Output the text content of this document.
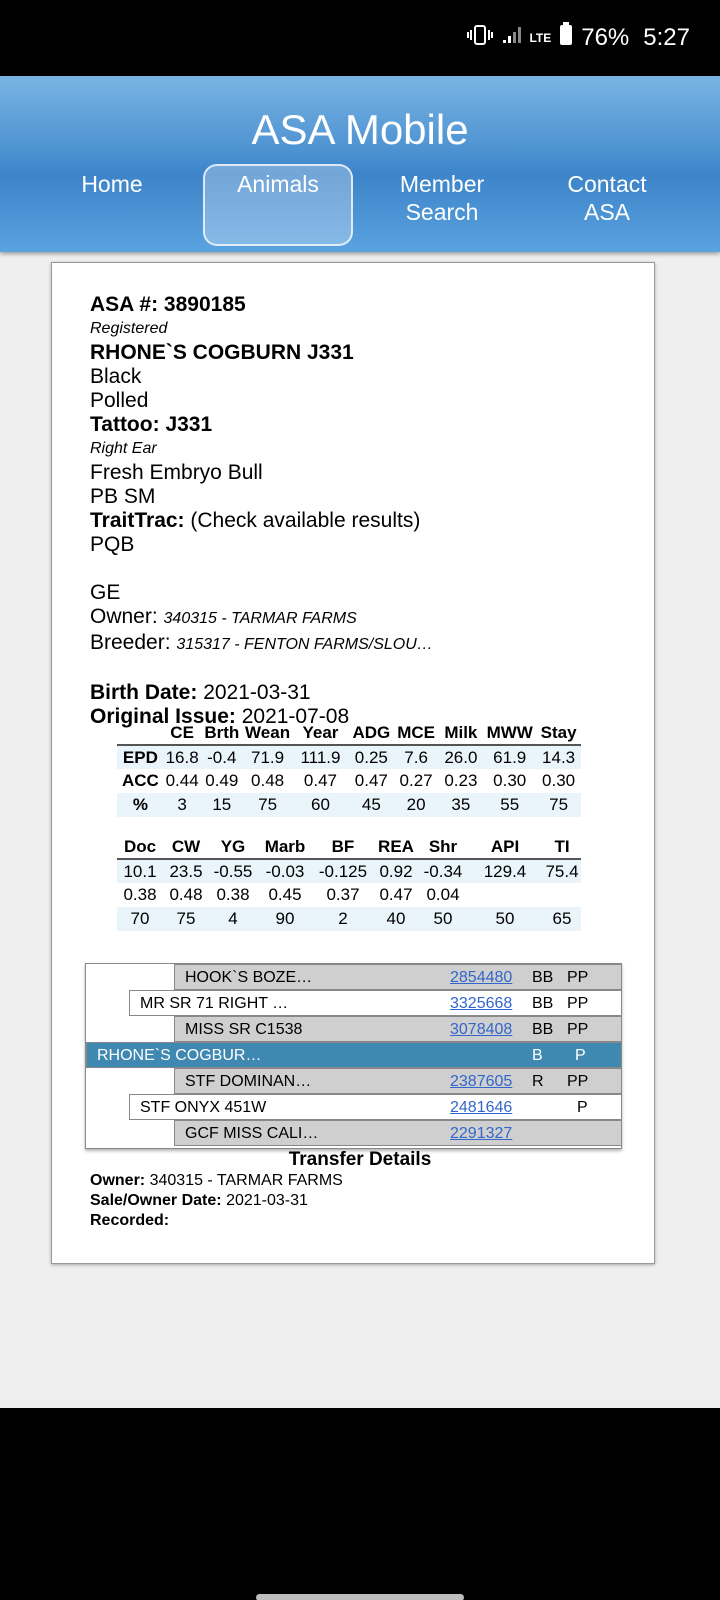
LTE 76% 5:27
ASA Mobile
Home	Animals	Member
Search
Contact
ASA
ASA #: 3890185
Registered
RHONE`S COGBURN J331
Black
Polled
Tattoo: J331
Right Ear
Fresh Embryo Bull
PB SM
TraitTrac: (Check available results)
PQB
GE
Owner: 340315 - TARMAR FARMS
Breeder: 315317 - FENTON FARMS/SLOU…
Birth Date: 2021-03-31
Original Issue: 2021-07-08
	CE	Brth	Wean	Year	ADG	MCE	Milk	MWW	Stay
EPD	16.8	-0.4	71.9	111.9	0.25	7.6	26.0	61.9	14.3
ACC	0.44	0.49	0.48	0.47	0.47	0.27	0.23	0.30	0.30
%	3	15	75	60	45	20	35	55	75
Doc	CW	YG	Marb	BF	REA	Shr	API	TI
10.1	23.5	-0.55	-0.03	-0.125	0.92	-0.34	129.4	75.4
0.38	0.48	0.38	0.45	0.37	0.47	0.04		
70	75	4	90	2	40	50	50	65
HOOK`S BOZE…	2854480 BB PP
MR SR 71 RIGHT …	3325668 BB PP
MISS SR C1538	3078408 BB PP
RHONE`S COGBUR…	B P
STF DOMINAN…	2387605 R PP
STF ONYX 451W	2481646	P
GCF MISS CALI…	2291327
Transfer Details
Owner: 340315 - TARMAR FARMS
Sale/Owner Date: 2021-03-31
Recorded:
